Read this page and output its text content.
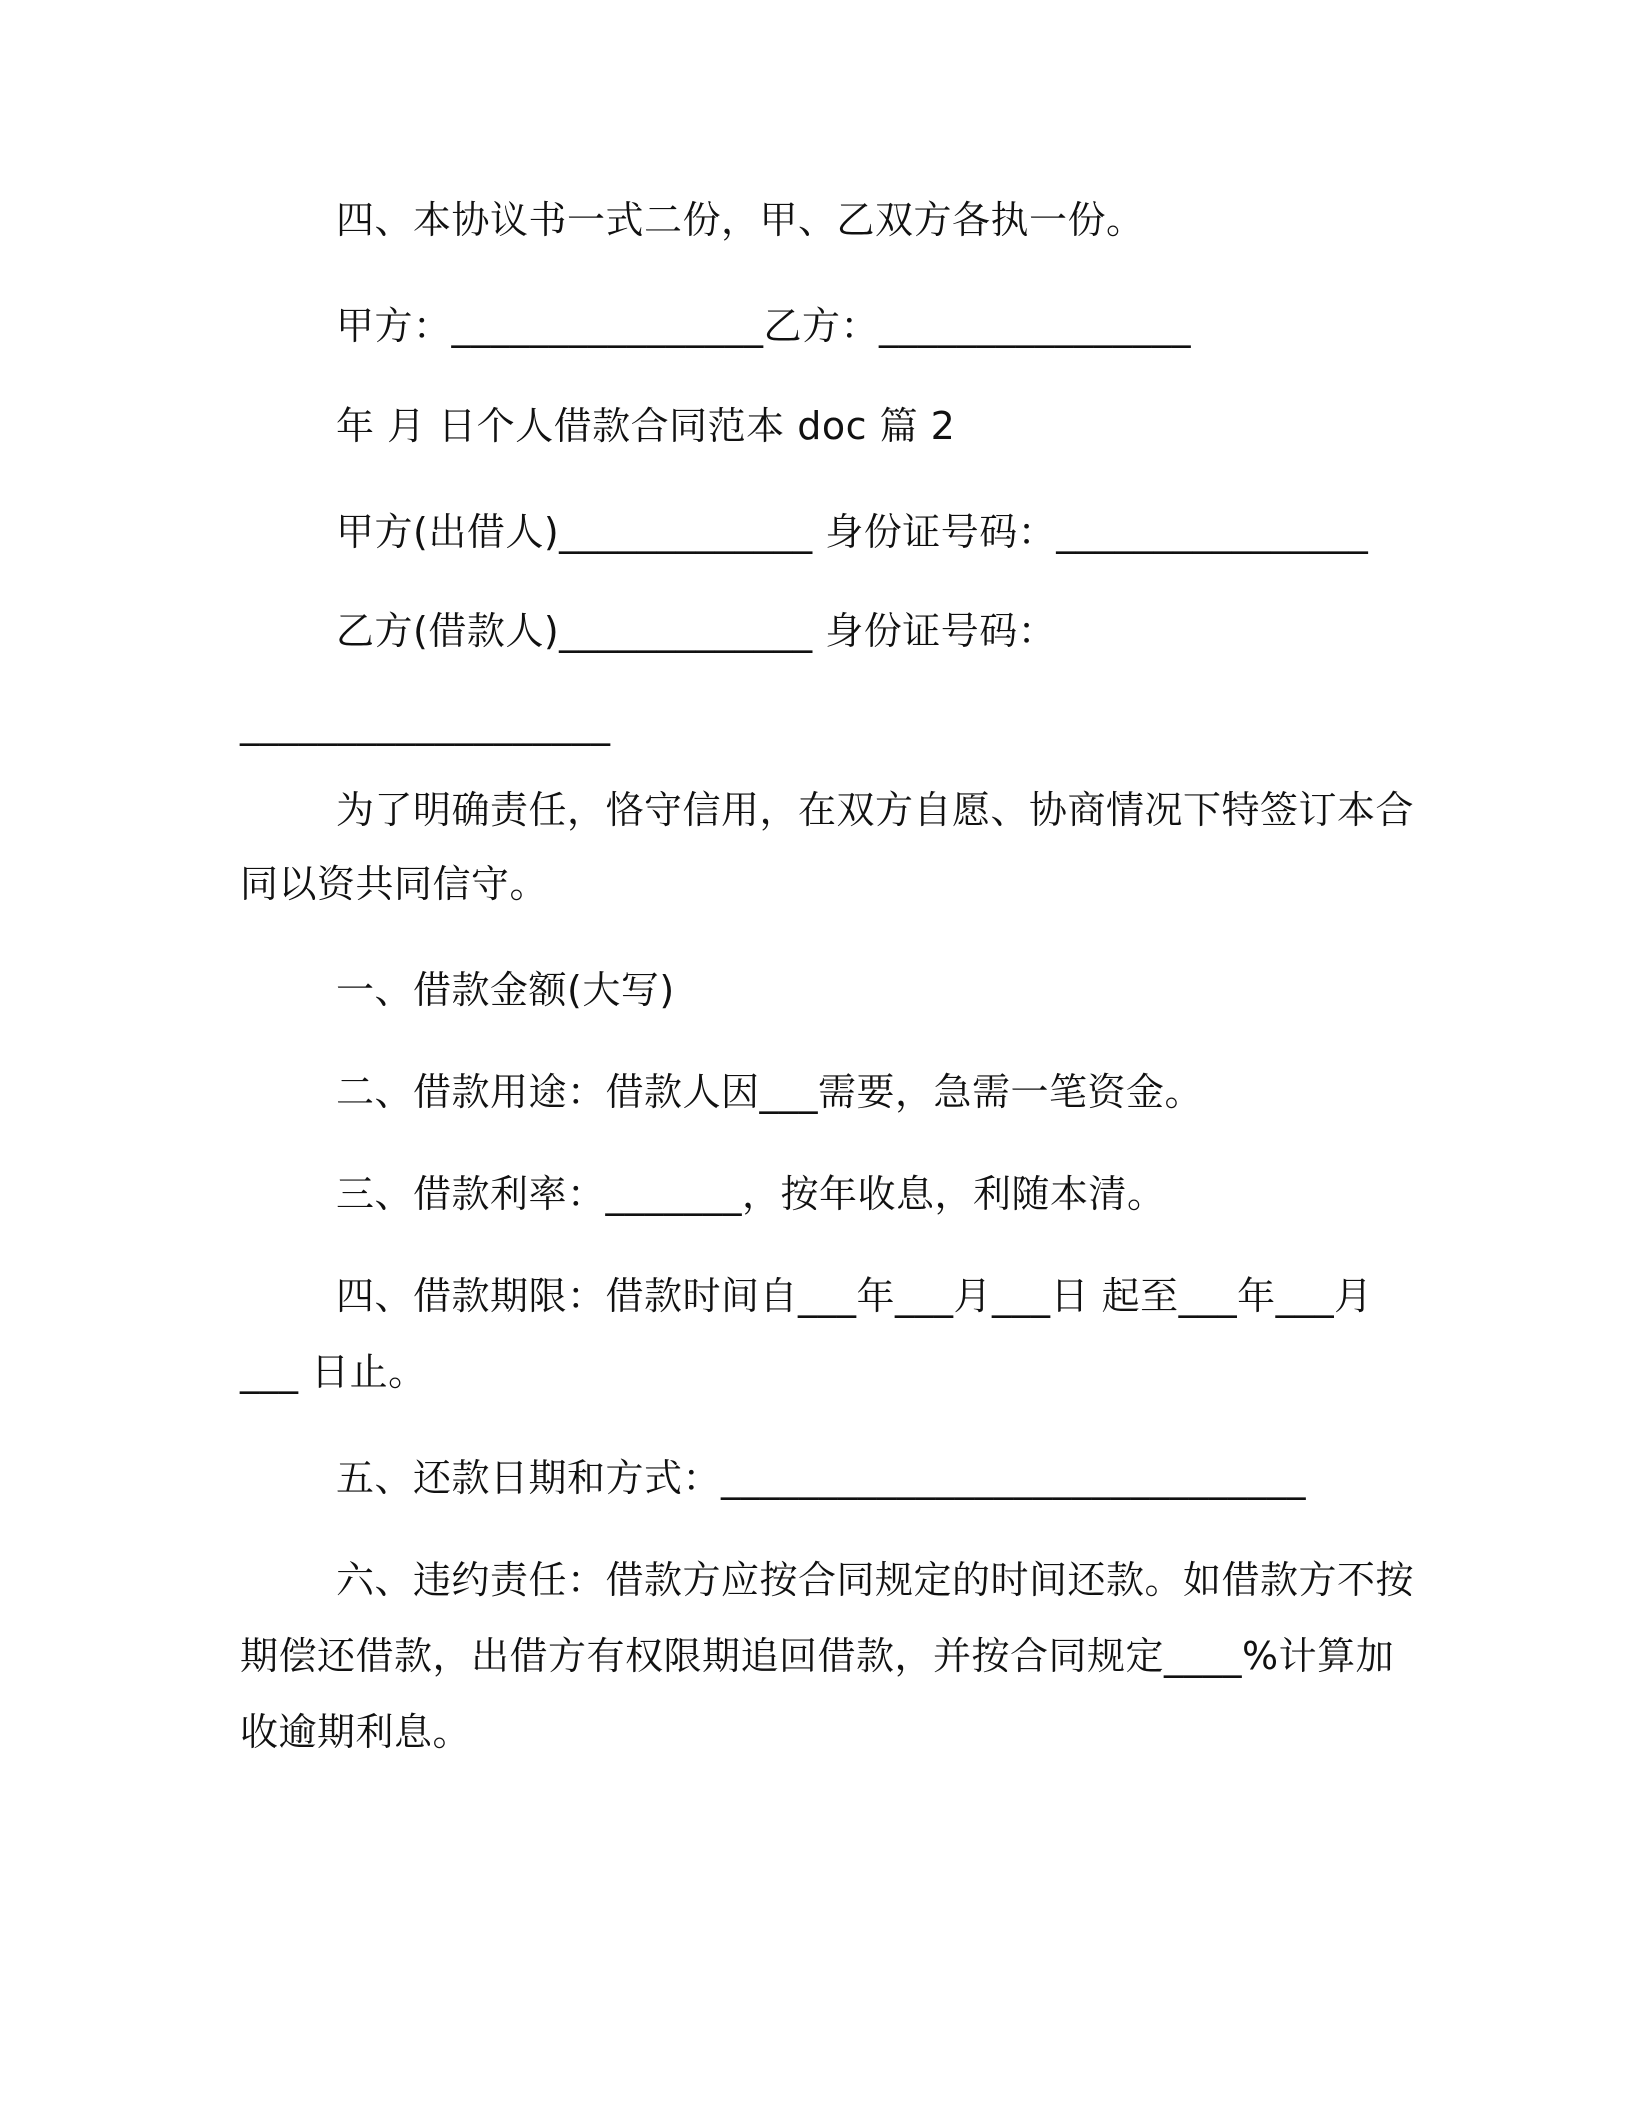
四、本协议书一式二份，甲、乙双方各执一份。
甲方：________________乙方：________________
年 月 日个人借款合同范本 doc 篇 2
甲方(出借人)_____________ 身份证号码：________________
乙方(借款人)_____________ 身份证号码：
___________________
为了明确责任，恪守信用，在双方自愿、协商情况下特签订本合
同以资共同信守。
一、借款金额(大写)
二、借款用途：借款人因___需要，急需一笔资金。
三、借款利率：_______，按年收息，利随本清。
四、借款期限：借款时间自___年___月___日 起至___年___月
___ 日止。
五、还款日期和方式：______________________________
六、违约责任：借款方应按合同规定的时间还款。如借款方不按
期偿还借款，出借方有权限期追回借款，并按合同规定____%计算加
收逾期利息。
